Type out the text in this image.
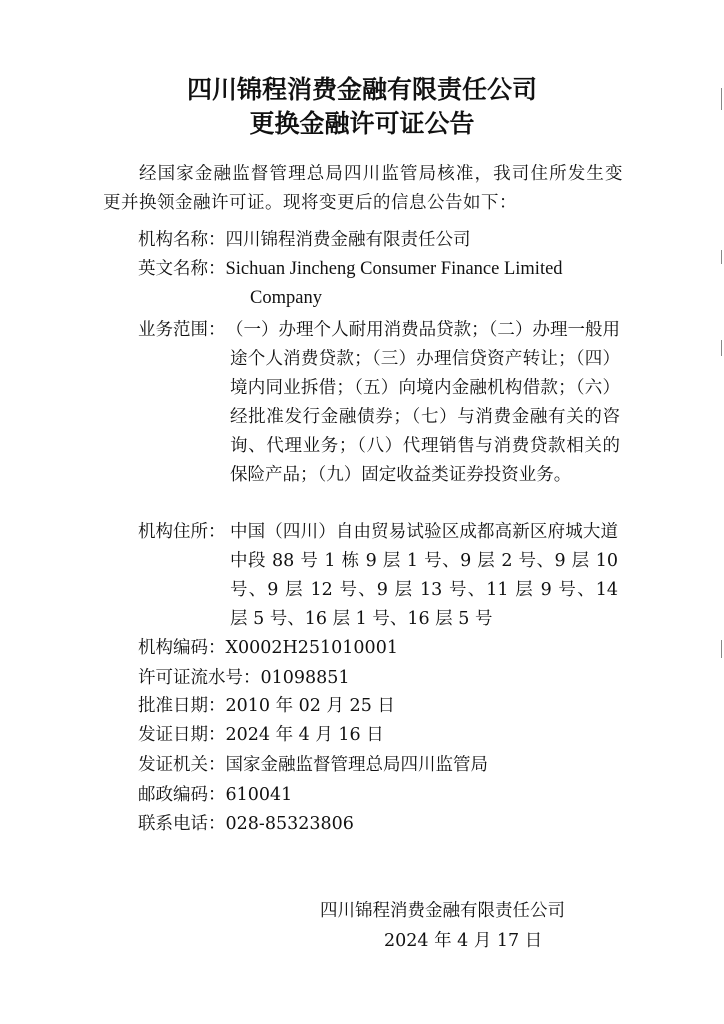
四川锦程消费金融有限责任公司
更换金融许可证公告
经国家金融监督管理总局四川监管局核准，我司住所发生变更并换领金融许可证。现将变更后的信息公告如下：
机构名称：四川锦程消费金融有限责任公司
英文名称：Sichuan Jincheng Consumer Finance Limited
Company
业务范围： （一）办理个人耐用消费品贷款；（二）办理一般用途个人消费贷款；（三）办理信贷资产转让；（四）境内同业拆借；（五）向境内金融机构借款；（六）经批准发行金融债券；（七）与消费金融有关的咨询、代理业务；（八）代理销售与消费贷款相关的保险产品；（九）固定收益类证券投资业务。
机构住所： 中国（四川）自由贸易试验区成都高新区府城大道中段 88 号 1 栋 9 层 1 号、9 层 2 号、9 层 10 号、9 层 12 号、9 层 13 号、11 层 9 号、14 层 5 号、16 层 1 号、16 层 5 号
机构编码：X0002H251010001
许可证流水号：01098851
批准日期：2010 年 02 月 25 日
发证日期：2024 年 4 月 16 日
发证机关：国家金融监督管理总局四川监管局
邮政编码：610041
联系电话：028-85323806
四川锦程消费金融有限责任公司
2024 年 4 月 17 日
